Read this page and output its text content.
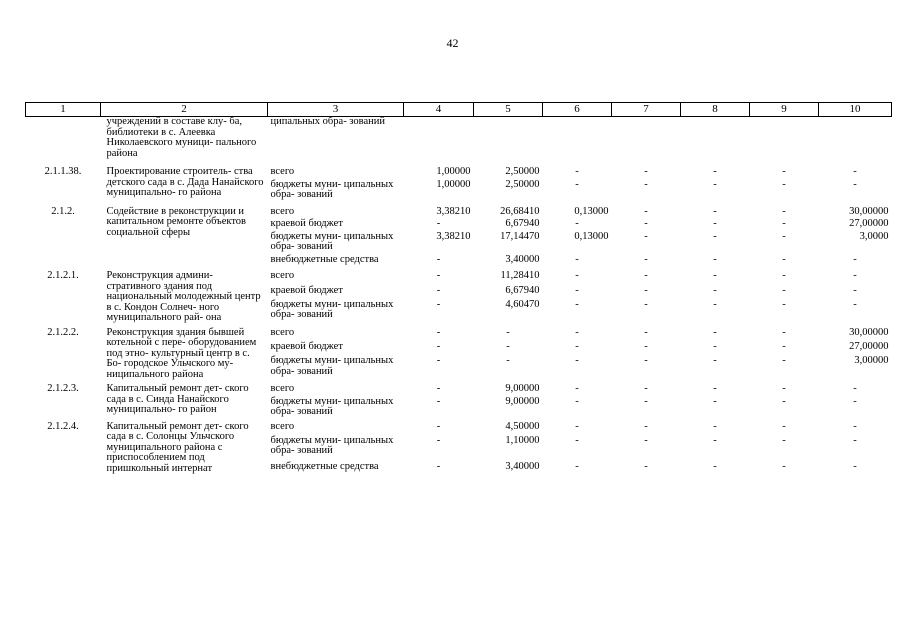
42
1	2	3	4	5	6	7	8	9	10
	учреждений в составе клу- ба, библиотеки в с. Алеевка Николаевского муници- пального района	ципальных обра- зований							
2.1.1.38.	Проектирование строитель- ства детского сада в с. Дада Нанайского муниципально- го района	всего	1,00000	2,50000	-	-	-	-	-
		бюджеты муни- ципальных обра- зований	1,00000	2,50000	-	-	-	-	-
2.1.2.	Содействие в реконструкции и капитальном ремонте объектов социальной сферы	всего	3,38210	26,68410	0,13000	-	-	-	30,00000
		краевой бюджет	-	6,67940	-	-	-	-	27,00000
		бюджеты муни- ципальных обра- зований	3,38210	17,14470	0,13000	-	-	-	3,0000
		внебюджетные средства	-	3,40000	-	-	-	-	-
2.1.2.1.	Реконструкция админи- стративного здания под национальный молодежный центр в с. Кондон Солнеч- ного муниципального рай- она	всего	-	11,28410	-	-	-	-	-
		краевой бюджет	-	6,67940	-	-	-	-	-
		бюджеты муни- ципальных обра- зований	-	4,60470	-	-	-	-	-
2.1.2.2.	Реконструкция здания бывшей котельной с пере- оборудованием под этно- культурный центр в с. Бо- городское Ульчского му- ниципального района	всего	-	-	-	-	-	-	30,00000
		краевой бюджет	-	-	-	-	-	-	27,00000
		бюджеты муни- ципальных обра- зований	-	-	-	-	-	-	3,00000
2.1.2.3.	Капитальный ремонт дет- ского сада в с. Синда Нанайского муниципально- го район	всего	-	9,00000	-	-	-	-	-
		бюджеты муни- ципальных обра- зований	-	9,00000	-	-	-	-	-
2.1.2.4.	Капитальный ремонт дет- ского сада в с. Солонцы Ульчского муниципального района с приспособлением под пришкольный интернат	всего	-	4,50000	-	-	-	-	-
		бюджеты муни- ципальных обра- зований	-	1,10000	-	-	-	-	-
		внебюджетные средства	-	3,40000	-	-	-	-	-
